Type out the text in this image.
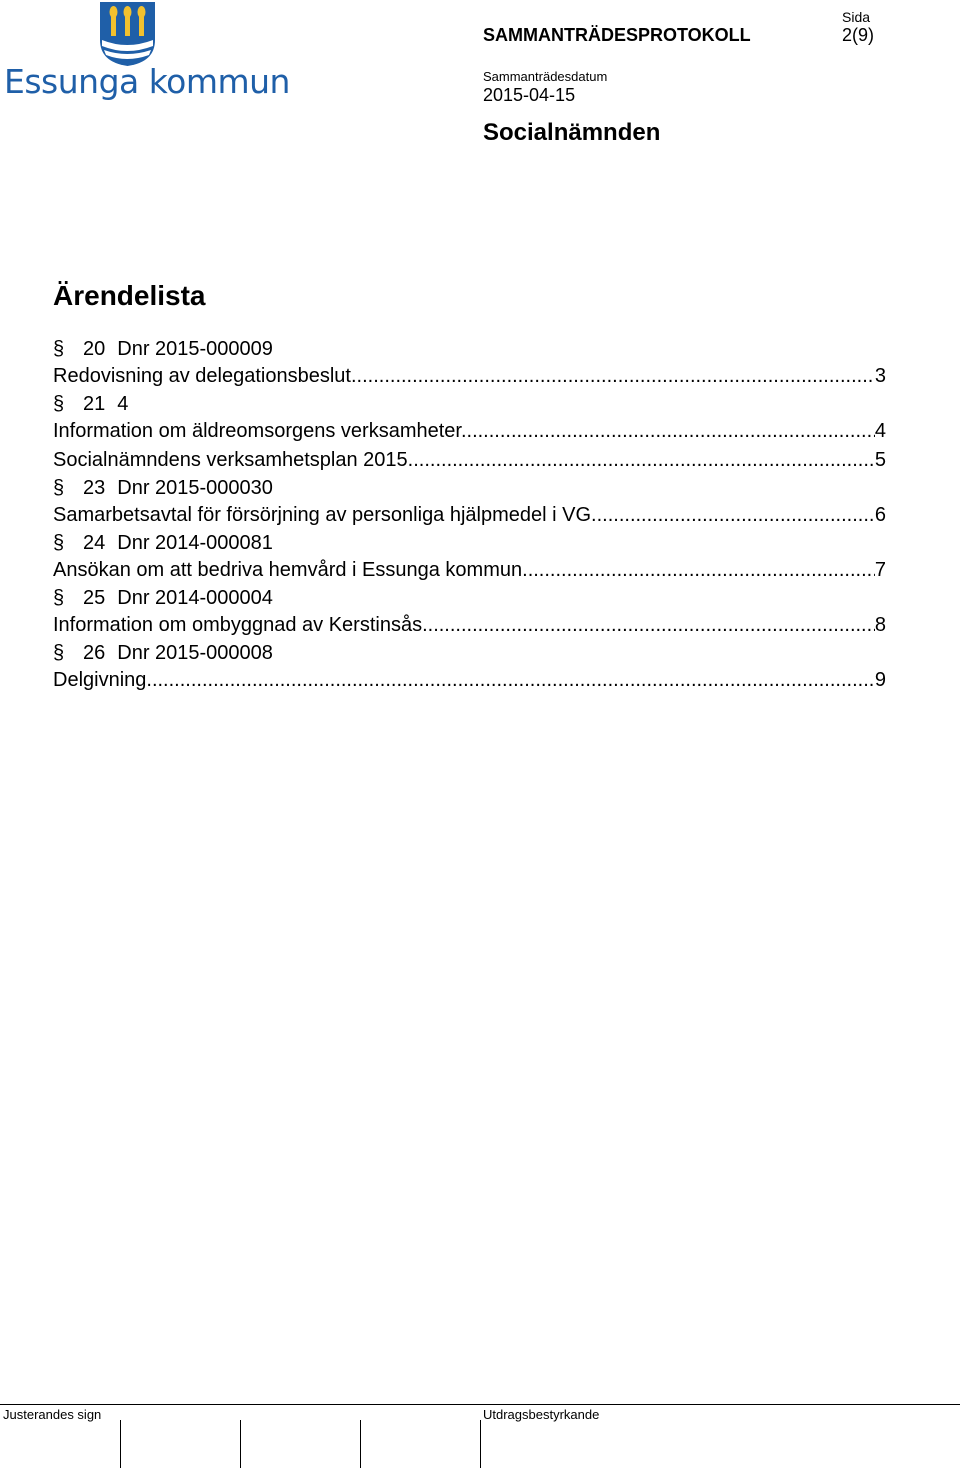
Essunga kommun
SAMMANTRÄDESPROTOKOLL
Sida
2(9)
Sammanträdesdatum
2015-04-15
Socialnämnden
Ärendelista
§ 20 Dnr 2015-000009
Redovisning av delegationsbeslut .....	3
§ 21 4
Information om äldreomsorgens verksamheter. .....	4
Socialnämndens verksamhetsplan 2015 .....	5
§ 23 Dnr 2015-000030
Samarbetsavtal för försörjning av personliga hjälpmedel i VG .....	6
§ 24 Dnr 2014-000081
Ansökan om att bedriva hemvård i Essunga kommun. .....	7
§ 25 Dnr 2014-000004
Information om ombyggnad av Kerstinsås .....	8
§ 26 Dnr 2015-000008
Delgivning .....	9
Justerandes sign	Utdragsbestyrkande
